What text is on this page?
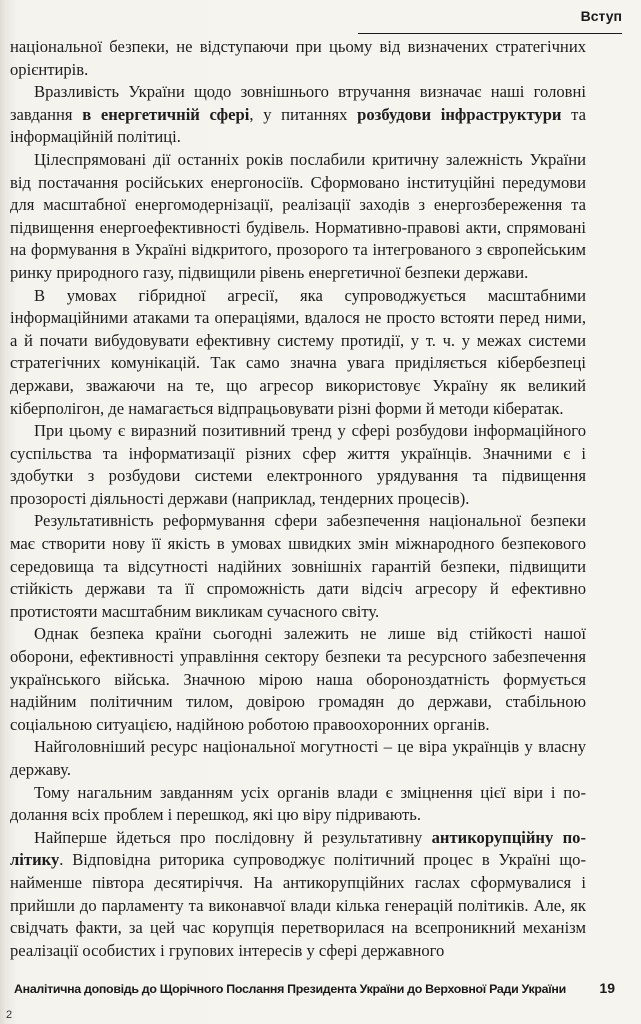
Вступ

національної безпеки, не відступаючи при цьому від визначених стратегічних орієнтирів.

Вразливість України щодо зовнішнього втручання визначає наші головні завдання в енергетичній сфері, у питаннях розбудови інфраструктури та інформаційній політиці.

Цілеспрямовані дії останніх років послабили критичну залежність України від постачання російських енергоносіїв. Сформовано інституційні передумови для масштабної енергомодернізації, реалізації заходів з енергозбереження та підвищення енергоефективності будівель. Нормативно-правові акти, спрямовані на формування в Україні відкритого, прозорого та інтегрованого з європейським ринку природного газу, підвищили рівень енергетичної безпеки держави.

В умовах гібридної агресії, яка супроводжується масштабними інформаційними атаками та операціями, вдалося не просто встояти перед ними, а й почати вибудовувати ефективну систему протидії, у т. ч. у межах системи стратегічних комунікацій. Так само значна увага приділяється кібербезпеці держави, зважаючи на те, що агресор використовує Україну як великий кіберполігон, де намагається відпрацьовувати різні форми й методи кібератак.

При цьому є виразний позитивний тренд у сфері розбудови інформаційного суспільства та інформатизації різних сфер життя українців. Значними є і здобутки з розбудови системи електронного урядування та підвищення прозорості діяльності держави (наприклад, тендерних процесів).

Результативність реформування сфери забезпечення національної безпеки має створити нову її якість в умовах швидких змін міжнародного безпекового середовища та відсутності надійних зовнішніх гарантій безпеки, підвищити стійкість держави та її спроможність дати відсіч агресору й ефективно протистояти масштабним викликам сучасного світу.

Однак безпека країни сьогодні залежить не лише від стійкості нашої оборони, ефективності управління сектору безпеки та ресурсного забезпечення українського війська. Значною мірою наша обороноздатність формується надійним політичним тилом, довірою громадян до держави, стабільною соціальною ситуацією, надійною роботою правоохоронних органів.

Найголовніший ресурс національної могутності – це віра українців у власну державу.

Тому нагальним завданням усіх органів влади є зміцнення цієї віри і подолання всіх проблем і перешкод, які цю віру підривають.

Найперше йдеться про послідовну й результативну антикорупційну політику. Відповідна риторика супроводжує політичний процес в Україні щонайменше півтора десятиріччя. На антикорупційних гаслах сформувалися і прийшли до парламенту та виконавчої влади кілька генерацій політиків. Але, як свідчать факти, за цей час корупція перетворилася на всепроникний механізм реалізації особистих і групових інтересів у сфері державного

Аналітична доповідь до Щорічного Послання Президента України до Верховної Ради України	19
2
